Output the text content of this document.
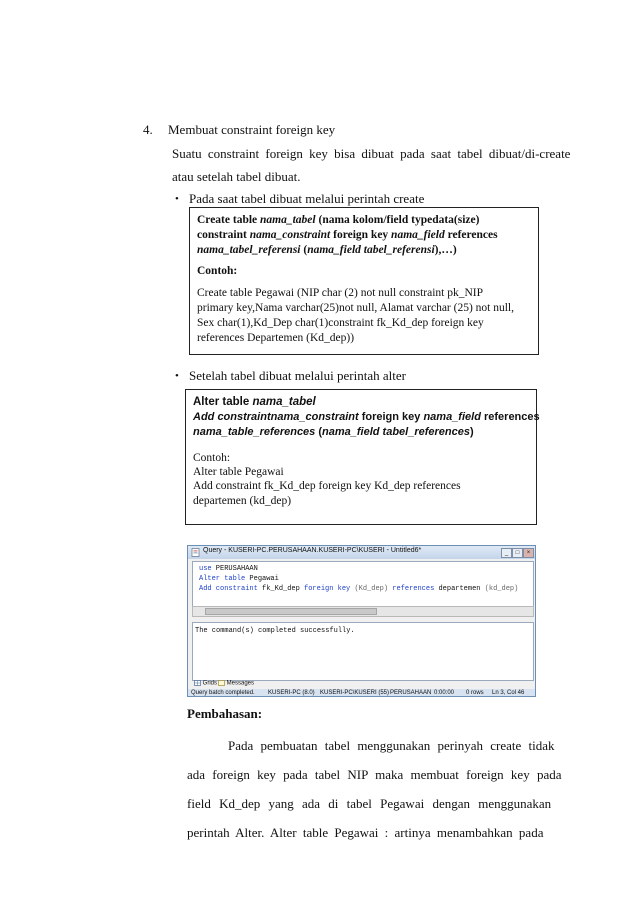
4. Membuat constraint foreign key
Suatu constraint foreign key bisa dibuat pada saat tabel dibuat/di-create
atau setelah tabel dibuat.
• Pada saat tabel dibuat melalui perintah create
Create table nama_tabel (nama kolom/field typedata(size)
constraint nama_constraint foreign key nama_field references
nama_tabel_referensi (nama_field tabel_referensi),…)
Contoh:
Create table Pegawai (NIP char (2) not null constraint pk_NIP
primary key,Nama varchar(25)not null, Alamat varchar (25) not null,
Sex char(1),Kd_Dep char(1)constraint fk_Kd_dep foreign key
references Departemen (Kd_dep))
• Setelah tabel dibuat melalui perintah alter
Alter table nama_tabel
Add constraintnama_constraint foreign key nama_field references
nama_table_references (nama_field tabel_references)
Contoh:
Alter table Pegawai
Add constraint fk_Kd_dep foreign key Kd_dep references
departemen (kd_dep)
Query - KUSERI-PC.PERUSAHAAN.KUSERI-PC\KUSERI - Untitled6*	_	□	×
use PERUSAHAAN
Alter table Pegawai
Add constraint fk_Kd_dep foreign key (Kd_dep) references departemen (kd_dep)
The command(s) completed successfully.
Grids	Messages
Query batch completed. KUSERI-PC (8.0) KUSERI-PC\KUSERI (55) PERUSAHAAN 0:00:00 0 rows Ln 3, Col 46
Pembahasan:
Pada pembuatan tabel menggunakan perinyah create tidak
ada foreign key pada tabel NIP maka membuat foreign key pada
field Kd_dep yang ada di tabel Pegawai dengan menggunakan
perintah Alter. Alter table Pegawai : artinya menambahkan pada
